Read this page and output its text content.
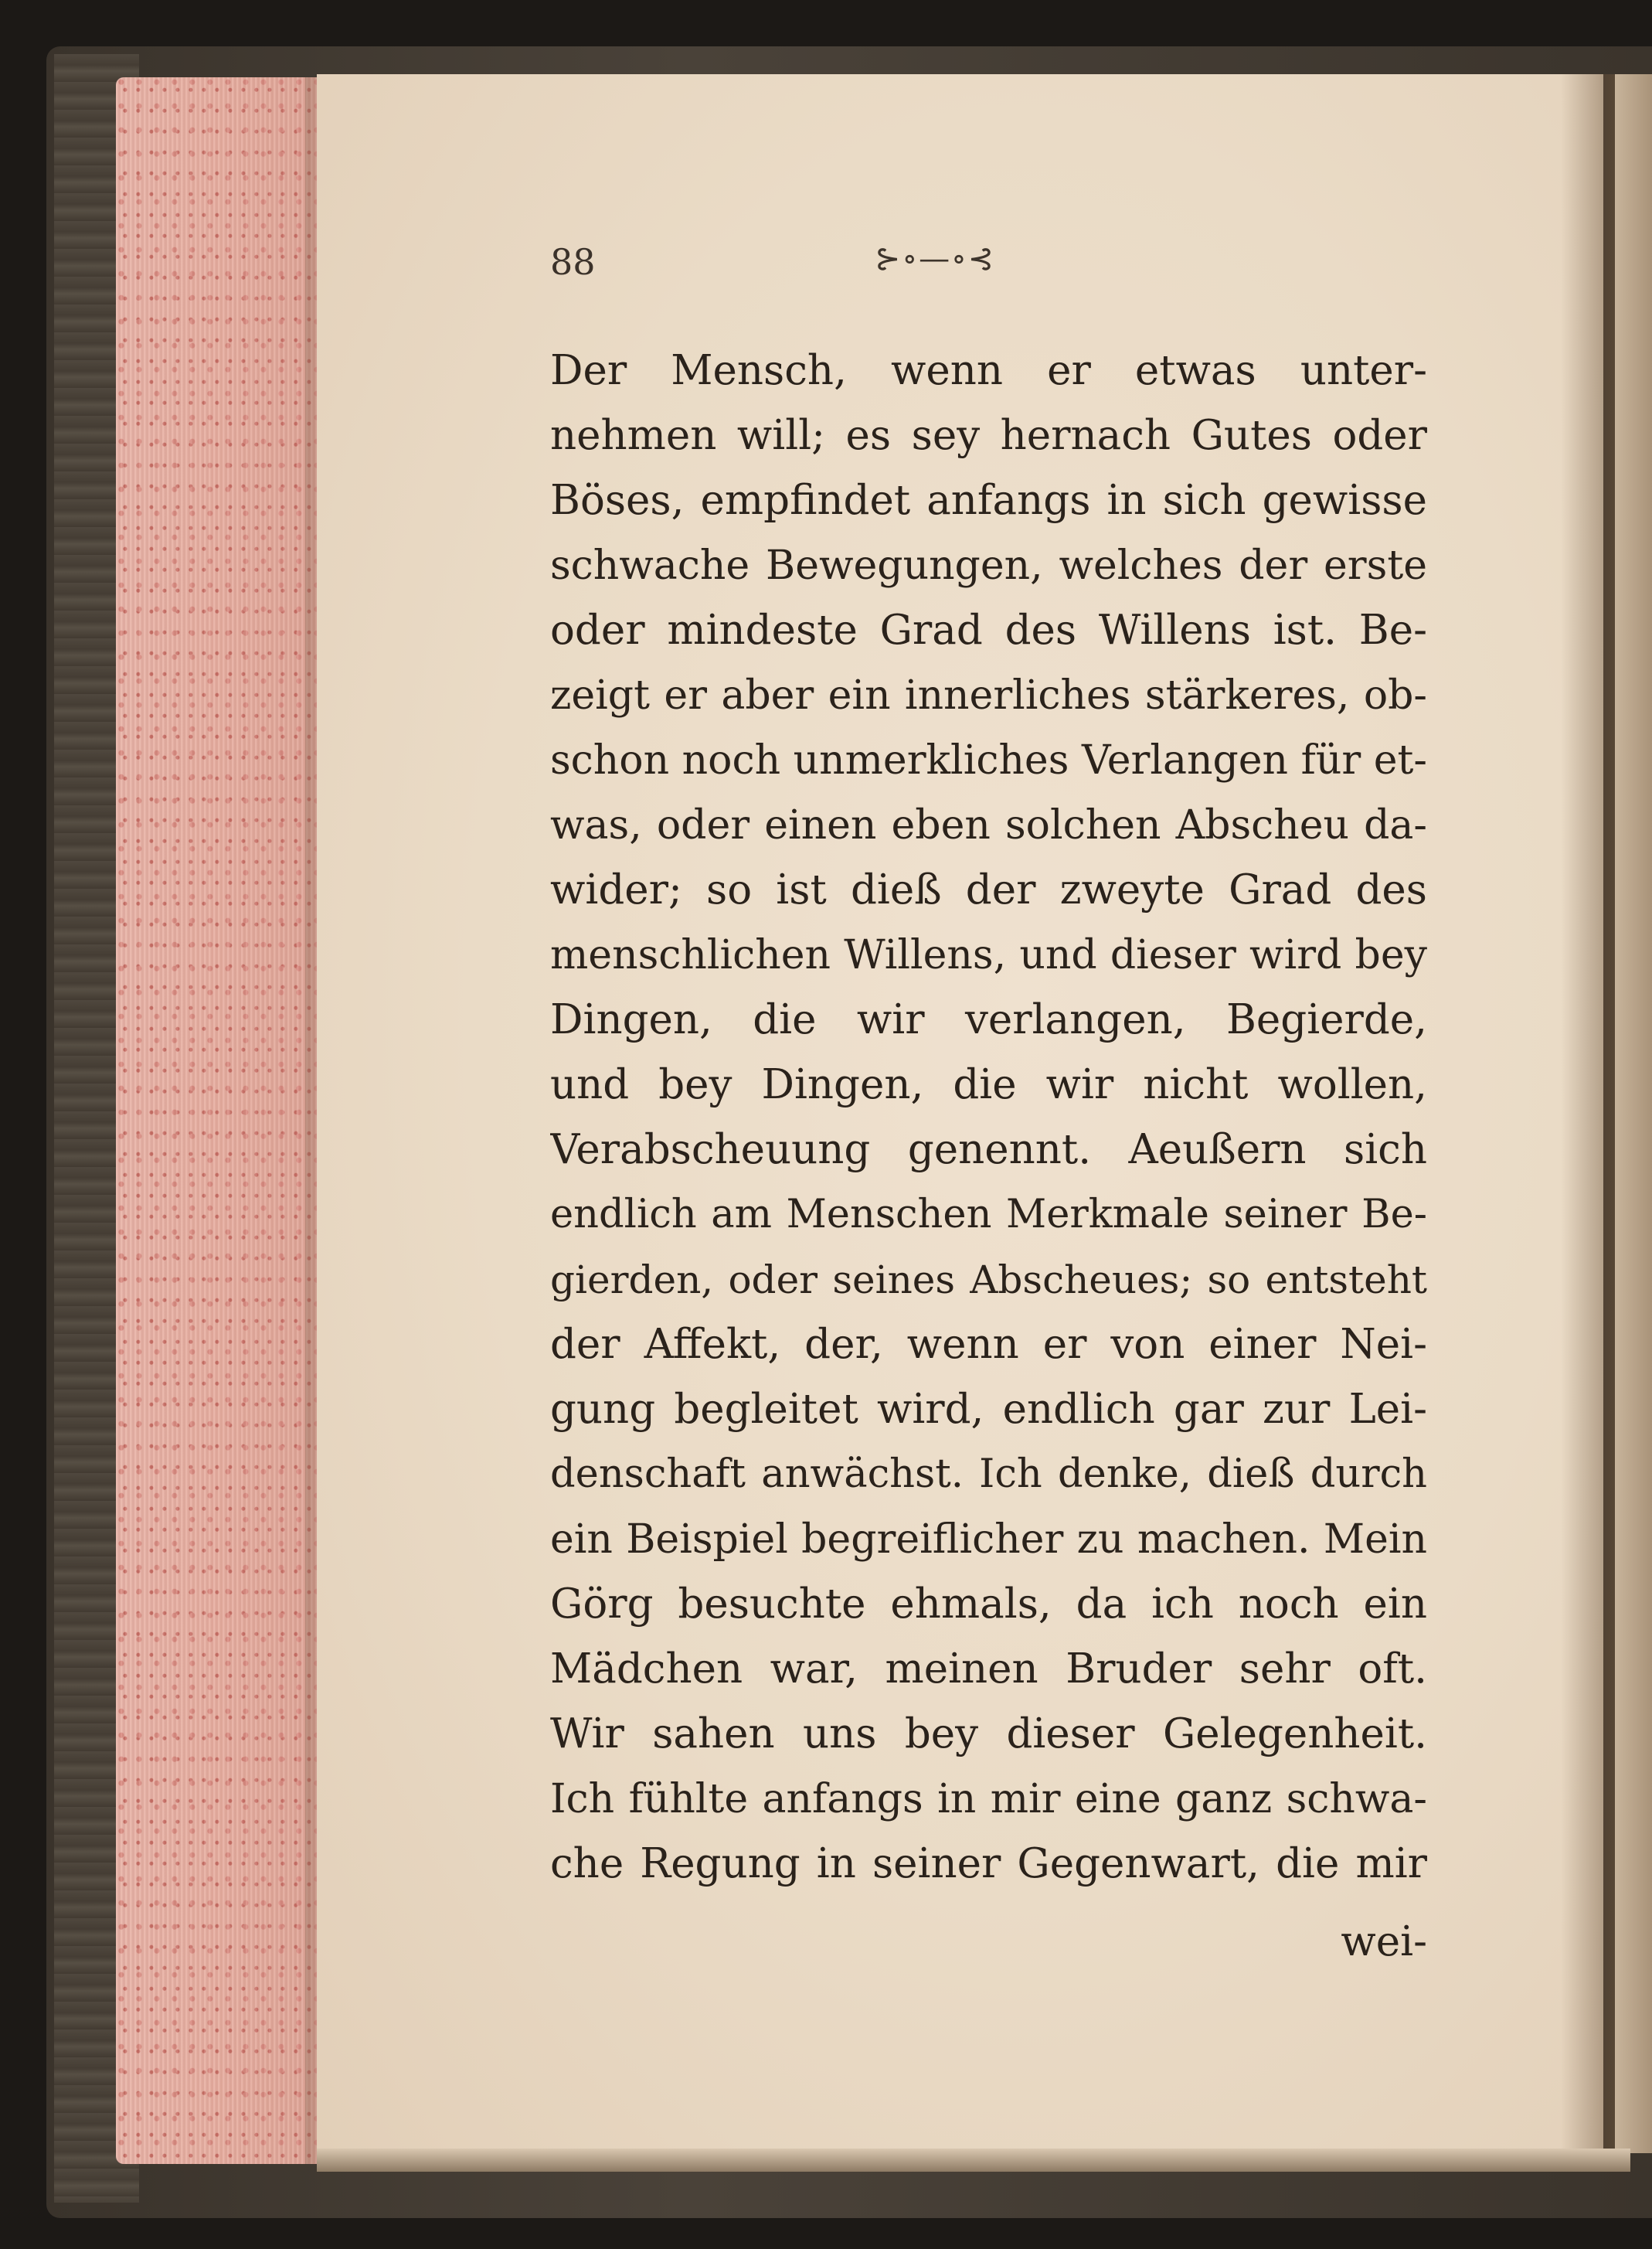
88	⊱∘—∘⊰
Der Mensch, wenn er etwas unter-
nehmen will; es sey hernach Gutes oder
Böses, empfindet anfangs in sich gewisse
schwache Bewegungen, welches der erste
oder mindeste Grad des Willens ist. Be-
zeigt er aber ein innerliches stärkeres, ob-
schon noch unmerkliches Verlangen für et-
was, oder einen eben solchen Abscheu da-
wider; so ist dieß der zweyte Grad des
menschlichen Willens, und dieser wird bey
Dingen, die wir verlangen, Begierde,
und bey Dingen, die wir nicht wollen,
Verabscheuung genennt. Aeußern sich
endlich am Menschen Merkmale seiner Be-
gierden, oder seines Abscheues; so entsteht
der Affekt, der, wenn er von einer Nei-
gung begleitet wird, endlich gar zur Lei-
denschaft anwächst. Ich denke, dieß durch
ein Beispiel begreiflicher zu machen. Mein
Görg besuchte ehmals, da ich noch ein
Mädchen war, meinen Bruder sehr oft.
Wir sahen uns bey dieser Gelegenheit.
Ich fühlte anfangs in mir eine ganz schwa-
che Regung in seiner Gegenwart, die mir
wei-
